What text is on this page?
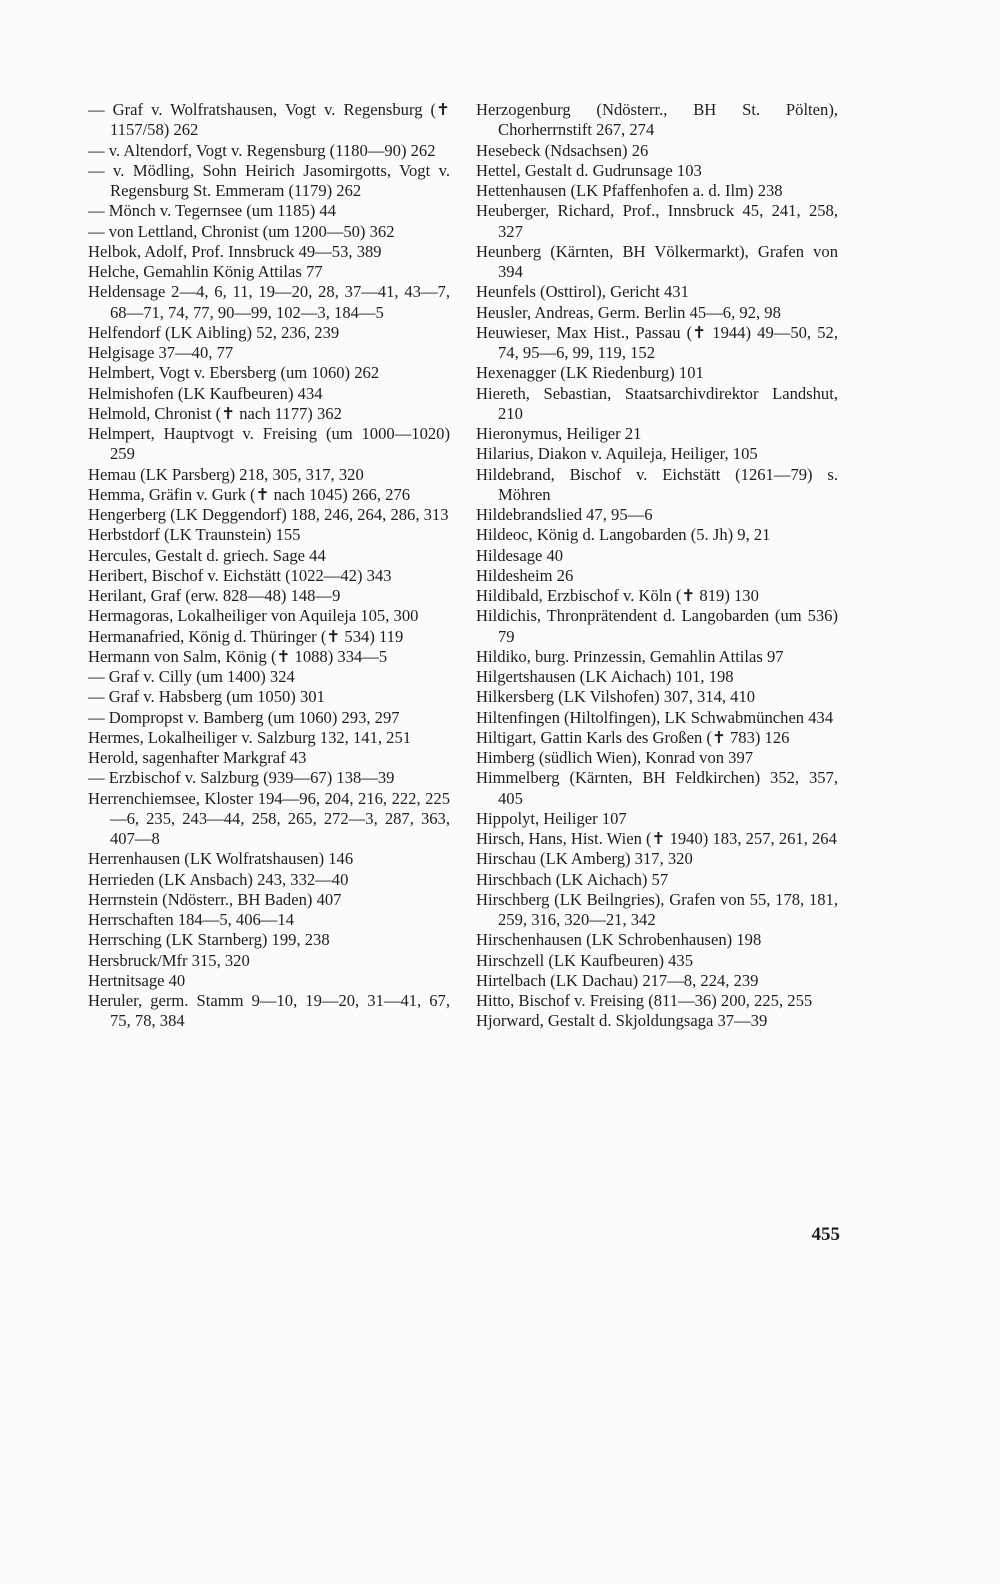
— Graf v. Wolfratshausen, Vogt v. Regensburg (✝ 1157/58) 262
— v. Altendorf, Vogt v. Regensburg (1180—90) 262
— v. Mödling, Sohn Heirich Jasomirgotts, Vogt v. Regensburg St. Emmeram (1179) 262
— Mönch v. Tegernsee (um 1185) 44
— von Lettland, Chronist (um 1200—50) 362
Helbok, Adolf, Prof. Innsbruck 49—53, 389
Helche, Gemahlin König Attilas 77
Heldensage 2—4, 6, 11, 19—20, 28, 37—41, 43—7, 68—71, 74, 77, 90—99, 102—3, 184—5
Helfendorf (LK Aibling) 52, 236, 239
Helgisage 37—40, 77
Helmbert, Vogt v. Ebersberg (um 1060) 262
Helmishofen (LK Kaufbeuren) 434
Helmold, Chronist (✝ nach 1177) 362
Helmpert, Hauptvogt v. Freising (um 1000—1020) 259
Hemau (LK Parsberg) 218, 305, 317, 320
Hemma, Gräfin v. Gurk (✝ nach 1045) 266, 276
Hengerberg (LK Deggendorf) 188, 246, 264, 286, 313
Herbstdorf (LK Traunstein) 155
Hercules, Gestalt d. griech. Sage 44
Heribert, Bischof v. Eichstätt (1022—42) 343
Herilant, Graf (erw. 828—48) 148—9
Hermagoras, Lokalheiliger von Aquileja 105, 300
Hermanafried, König d. Thüringer (✝ 534) 119
Hermann von Salm, König (✝ 1088) 334—5
— Graf v. Cilly (um 1400) 324
— Graf v. Habsberg (um 1050) 301
— Dompropst v. Bamberg (um 1060) 293, 297
Hermes, Lokalheiliger v. Salzburg 132, 141, 251
Herold, sagenhafter Markgraf 43
— Erzbischof v. Salzburg (939—67) 138—39
Herrenchiemsee, Kloster 194—96, 204, 216, 222, 225—6, 235, 243—44, 258, 265, 272—3, 287, 363, 407—8
Herrenhausen (LK Wolfratshausen) 146
Herrieden (LK Ansbach) 243, 332—40
Herrnstein (Ndösterr., BH Baden) 407
Herrschaften 184—5, 406—14
Herrsching (LK Starnberg) 199, 238
Hersbruck/Mfr 315, 320
Hertnitsage 40
Heruler, germ. Stamm 9—10, 19—20, 31—41, 67, 75, 78, 384
Herzogenburg (Ndösterr., BH St. Pölten), Chorherrnstift 267, 274
Hesebeck (Ndsachsen) 26
Hettel, Gestalt d. Gudrunsage 103
Hettenhausen (LK Pfaffenhofen a. d. Ilm) 238
Heuberger, Richard, Prof., Innsbruck 45, 241, 258, 327
Heunberg (Kärnten, BH Völkermarkt), Grafen von 394
Heunfels (Osttirol), Gericht 431
Heusler, Andreas, Germ. Berlin 45—6, 92, 98
Heuwieser, Max Hist., Passau (✝ 1944) 49—50, 52, 74, 95—6, 99, 119, 152
Hexenagger (LK Riedenburg) 101
Hiereth, Sebastian, Staatsarchivdirektor Landshut, 210
Hieronymus, Heiliger 21
Hilarius, Diakon v. Aquileja, Heiliger, 105
Hildebrand, Bischof v. Eichstätt (1261—79) s. Möhren
Hildebrandslied 47, 95—6
Hildeoc, König d. Langobarden (5. Jh) 9, 21
Hildesage 40
Hildesheim 26
Hildibald, Erzbischof v. Köln (✝ 819) 130
Hildichis, Thronprätendent d. Langobarden (um 536) 79
Hildiko, burg. Prinzessin, Gemahlin Attilas 97
Hilgertshausen (LK Aichach) 101, 198
Hilkersberg (LK Vilshofen) 307, 314, 410
Hiltenfingen (Hiltolfingen), LK Schwabmünchen 434
Hiltigart, Gattin Karls des Großen (✝ 783) 126
Himberg (südlich Wien), Konrad von 397
Himmelberg (Kärnten, BH Feldkirchen) 352, 357, 405
Hippolyt, Heiliger 107
Hirsch, Hans, Hist. Wien (✝ 1940) 183, 257, 261, 264
Hirschau (LK Amberg) 317, 320
Hirschbach (LK Aichach) 57
Hirschberg (LK Beilngries), Grafen von 55, 178, 181, 259, 316, 320—21, 342
Hirschenhausen (LK Schrobenhausen) 198
Hirschzell (LK Kaufbeuren) 435
Hirtelbach (LK Dachau) 217—8, 224, 239
Hitto, Bischof v. Freising (811—36) 200, 225, 255
Hjorward, Gestalt d. Skjoldungsaga 37—39
455
